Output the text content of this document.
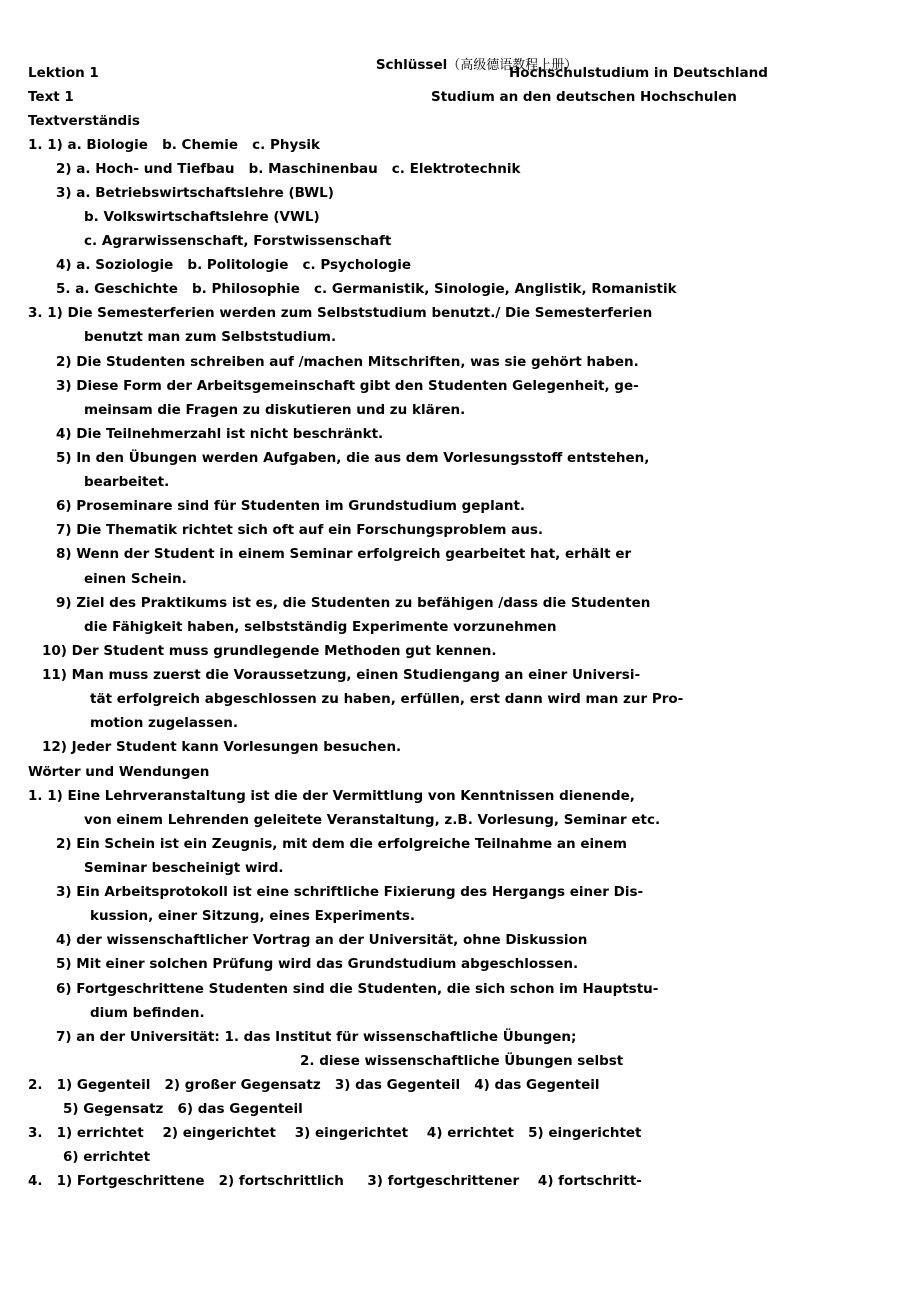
Schlüssel（高级德语教程上册）

Lektion 1	Hochschulstudium in Deutschland
Text 1	Studium an den deutschen Hochschulen
Textverständis
1. 1) a. Biologie   b. Chemie   c. Physik
2) a. Hoch- und Tiefbau   b. Maschinenbau   c. Elektrotechnik
3) a. Betriebswirtschaftslehre (BWL)
b. Volkswirtschaftslehre (VWL)
c. Agrarwissenschaft, Forstwissenschaft
4) a. Soziologie   b. Politologie   c. Psychologie
5. a. Geschichte   b. Philosophie   c. Germanistik, Sinologie, Anglistik, Romanistik
3. 1) Die Semesterferien werden zum Selbststudium benutzt./ Die Semesterferien
benutzt man zum Selbststudium.
2) Die Studenten schreiben auf /machen Mitschriften, was sie gehört haben.
3) Diese Form der Arbeitsgemeinschaft gibt den Studenten Gelegenheit, ge-
meinsam die Fragen zu diskutieren und zu klären.
4) Die Teilnehmerzahl ist nicht beschränkt.
5) In den Übungen werden Aufgaben, die aus dem Vorlesungsstoff entstehen,
bearbeitet.
6) Proseminare sind für Studenten im Grundstudium geplant.
7) Die Thematik richtet sich oft auf ein Forschungsproblem aus.
8) Wenn der Student in einem Seminar erfolgreich gearbeitet hat, erhält er
einen Schein.
9) Ziel des Praktikums ist es, die Studenten zu befähigen /dass die Studenten
die Fähigkeit haben, selbstständig Experimente vorzunehmen
10) Der Student muss grundlegende Methoden gut kennen.
11) Man muss zuerst die Voraussetzung, einen Studiengang an einer Universi-
tät erfolgreich abgeschlossen zu haben, erfüllen, erst dann wird man zur Pro-
motion zugelassen.
12) Jeder Student kann Vorlesungen besuchen.
Wörter und Wendungen
1. 1) Eine Lehrveranstaltung ist die der Vermittlung von Kenntnissen dienende,
von einem Lehrenden geleitete Veranstaltung, z.B. Vorlesung, Seminar etc.
2) Ein Schein ist ein Zeugnis, mit dem die erfolgreiche Teilnahme an einem
Seminar bescheinigt wird.
3) Ein Arbeitsprotokoll ist eine schriftliche Fixierung des Hergangs einer Dis-
kussion, einer Sitzung, eines Experiments.
4) der wissenschaftlicher Vortrag an der Universität, ohne Diskussion
5) Mit einer solchen Prüfung wird das Grundstudium abgeschlossen.
6) Fortgeschrittene Studenten sind die Studenten, die sich schon im Hauptstu-
dium befinden.
7) an der Universität: 1. das Institut für wissenschaftliche Übungen;
2. diese wissenschaftliche Übungen selbst
2.   1) Gegenteil   2) großer Gegensatz   3) das Gegenteil   4) das Gegenteil
5) Gegensatz   6) das Gegenteil
3.   1) errichtet    2) eingerichtet    3) eingerichtet    4) errichtet   5) eingerichtet
6) errichtet
4.   1) Fortgeschrittene   2) fortschrittlich     3) fortgeschrittener    4) fortschritt-
